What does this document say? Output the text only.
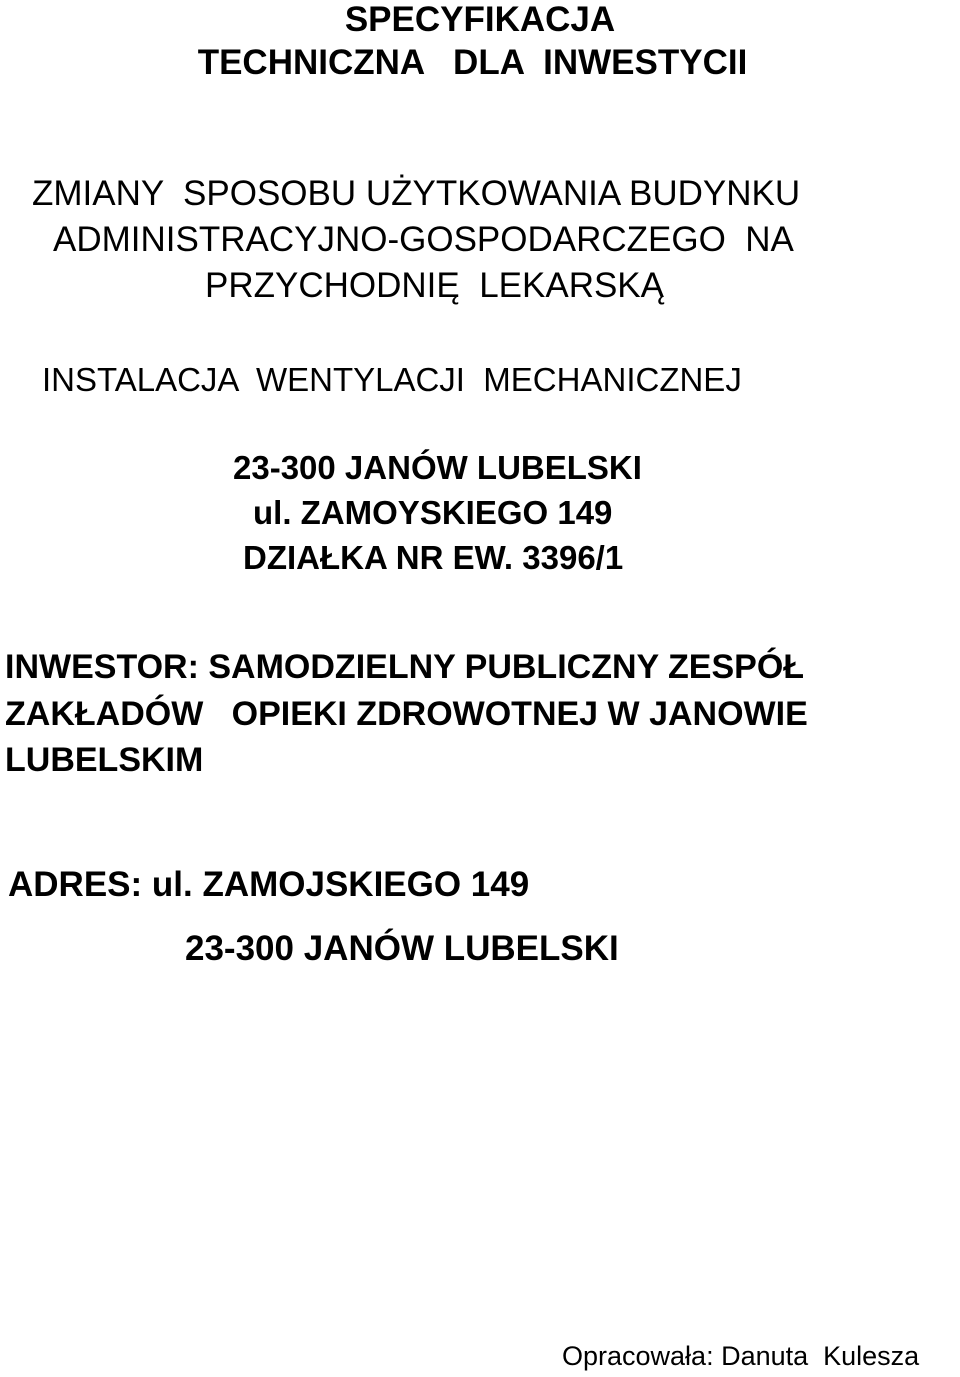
SPECYFIKACJA
TECHNICZNA   DLA  INWESTYCII
ZMIANY  SPOSOBU UŻYTKOWANIA BUDYNKU
ADMINISTRACYJNO-GOSPODARCZEGO  NA
PRZYCHODNIĘ  LEKARSKĄ
INSTALACJA  WENTYLACJI  MECHANICZNEJ
23-300 JANÓW LUBELSKI
ul. ZAMOYSKIEGO 149
DZIAŁKA NR EW. 3396/1
INWESTOR: SAMODZIELNY PUBLICZNY ZESPÓŁ
ZAKŁADÓW   OPIEKI ZDROWOTNEJ W JANOWIE
LUBELSKIM
ADRES: ul. ZAMOJSKIEGO 149
23-300 JANÓW LUBELSKI
Opracowała: Danuta  Kulesza
